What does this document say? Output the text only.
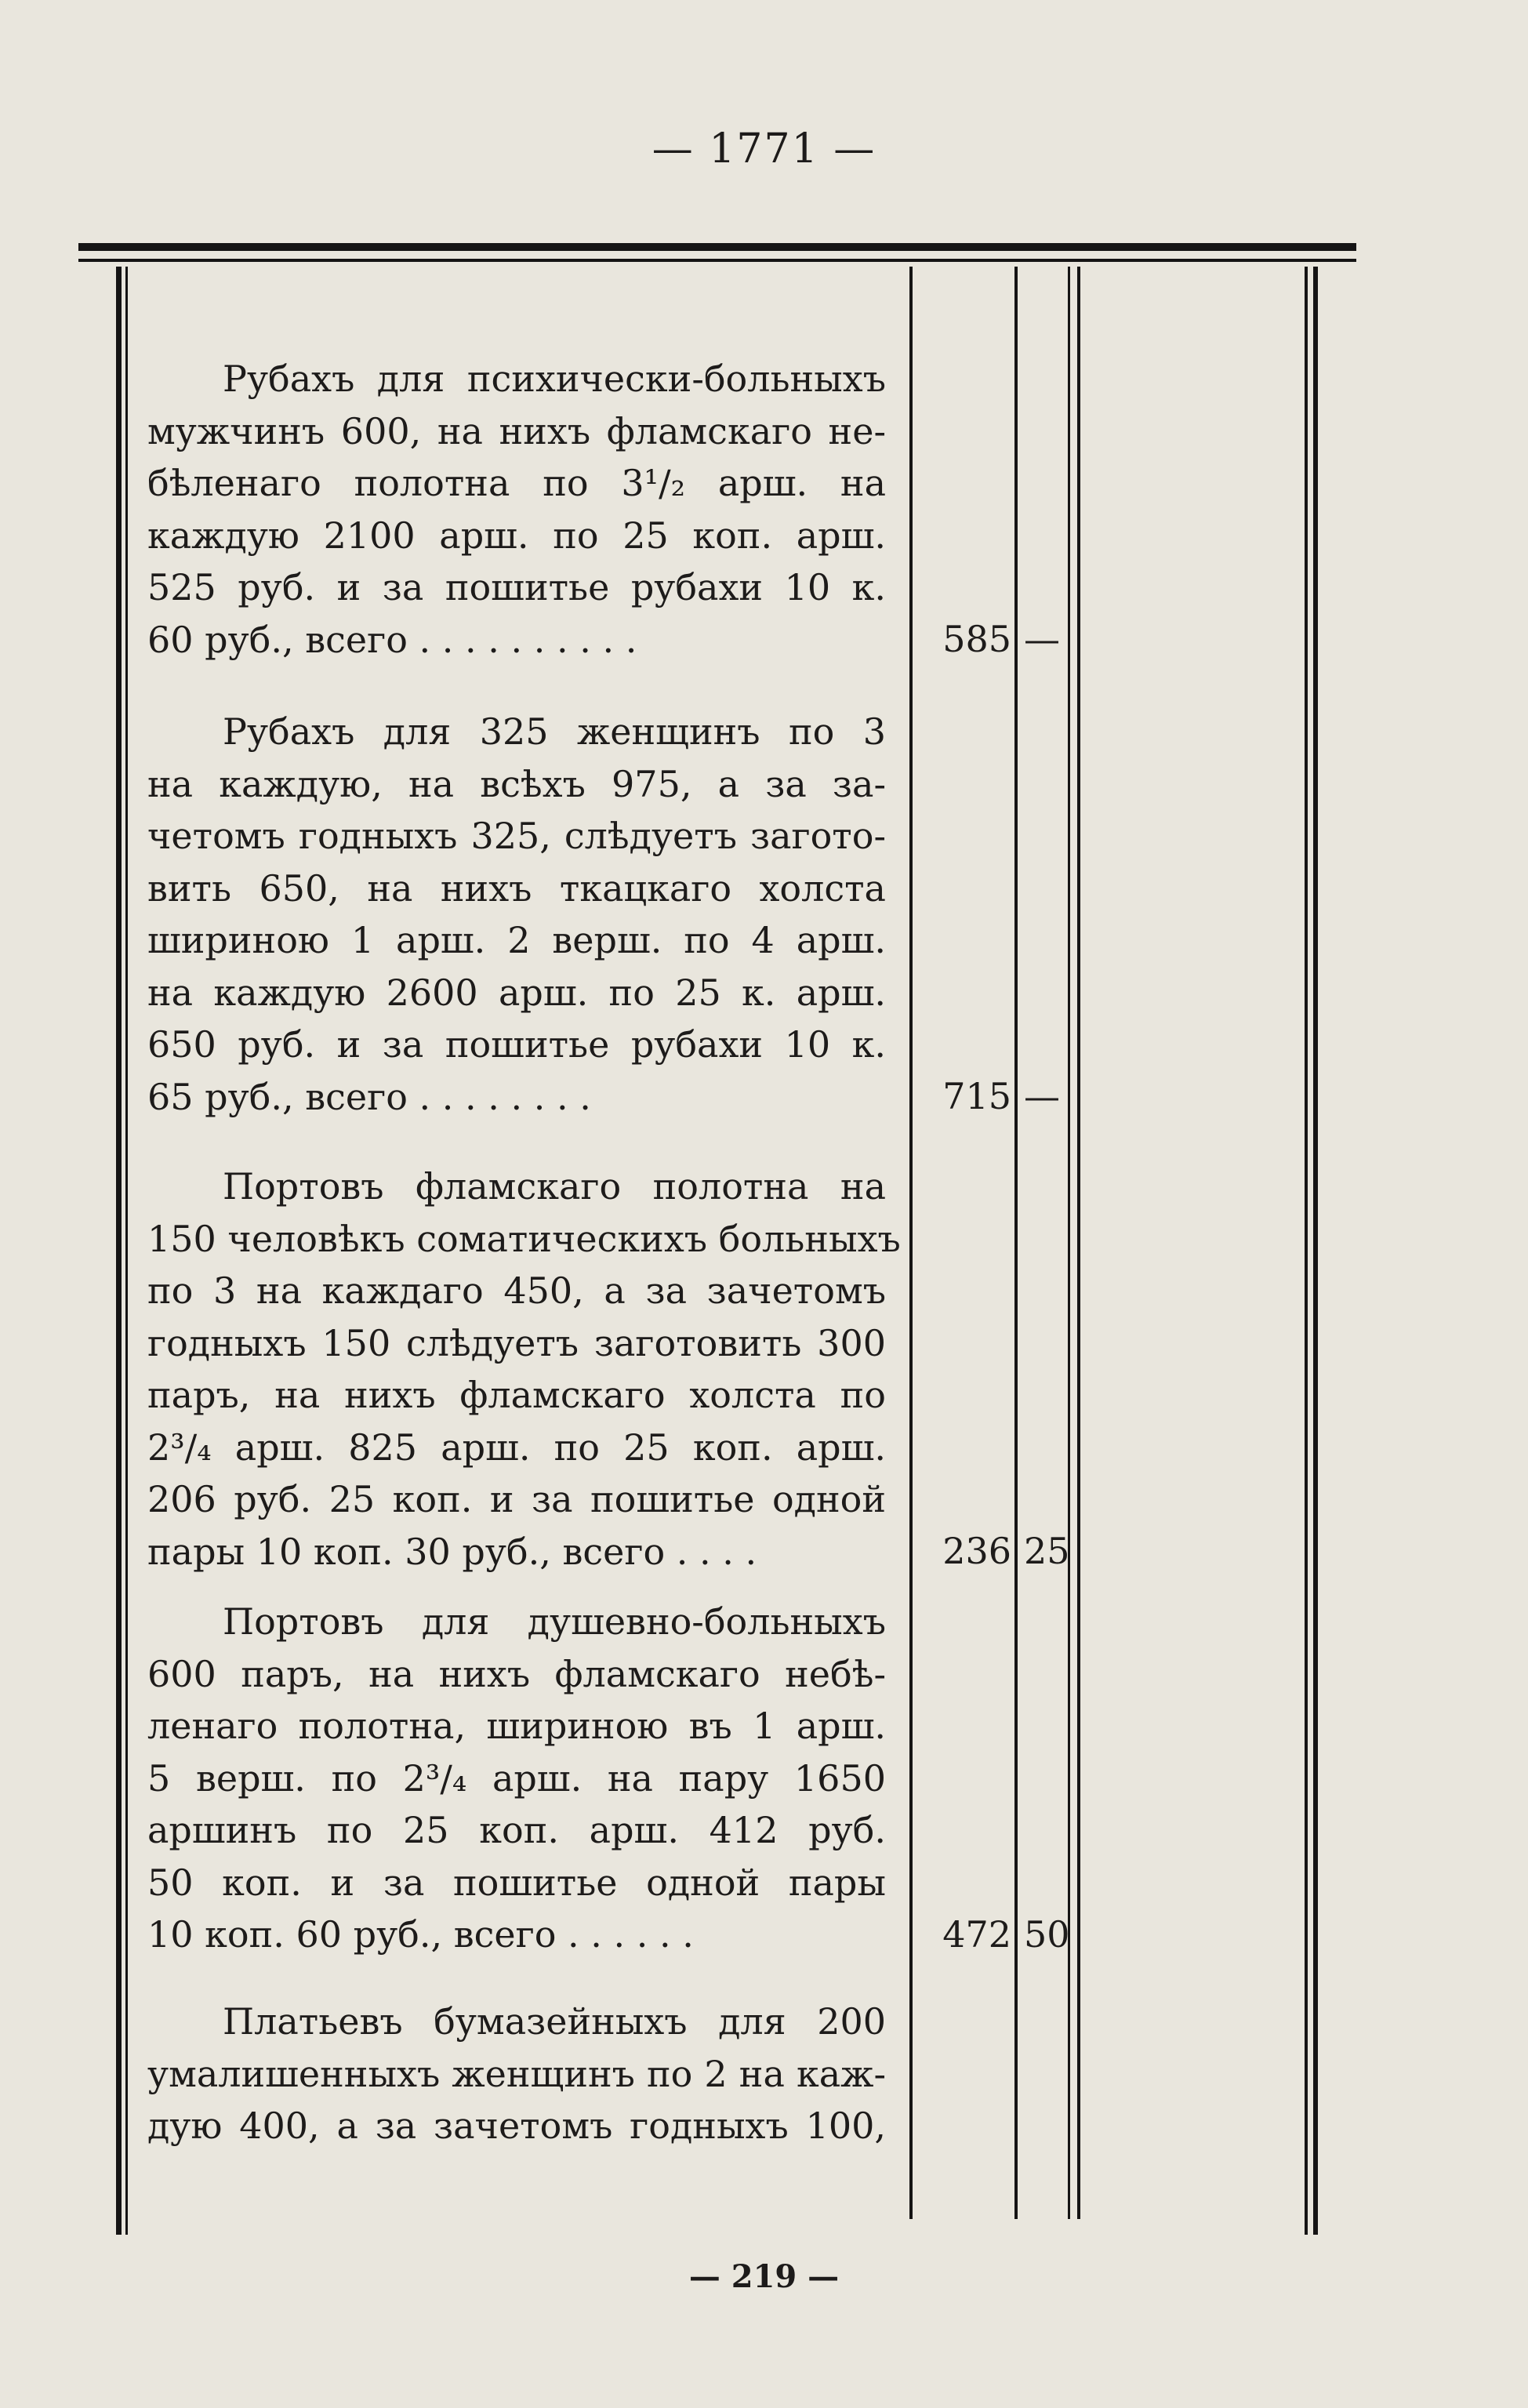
— 1771 —
Рубахъ для психически-больныхъ
мужчинъ 600, на нихъ фламскаго не-
бѣленаго полотна по 3¹/₂ арш. на
каждую 2100 арш. по 25 коп. арш.
525 руб. и за пошитье рубахи 10 к.
60 руб., всего . . . . . . . . . .	585 —
Рубахъ для 325 женщинъ по 3
на каждую, на всѣхъ 975, а за за-
четомъ годныхъ 325, слѣдуетъ загото-
вить 650, на нихъ ткацкаго холста
шириною 1 арш. 2 верш. по 4 арш.
на каждую 2600 арш. по 25 к. арш.
650 руб. и за пошитье рубахи 10 к.
65 руб., всего . . . . . . . .	715 —
Портовъ фламскаго полотна на
150 человѣкъ соматическихъ больныхъ
по 3 на каждаго 450, а за зачетомъ
годныхъ 150 слѣдуетъ заготовить 300
паръ, на нихъ фламскаго холста по
2³/₄ арш. 825 арш. по 25 коп. арш.
206 руб. 25 коп. и за пошитье одной
пары 10 коп. 30 руб., всего . . . .	236 25
Портовъ для душевно-больныхъ
600 паръ, на нихъ фламскаго небѣ-
ленаго полотна, шириною въ 1 арш.
5 верш. по 2³/₄ арш. на пару 1650
аршинъ по 25 коп. арш. 412 руб.
50 коп. и за пошитье одной пары
10 коп. 60 руб., всего . . . . . .	472 50
Платьевъ бумазейныхъ для 200
умалишенныхъ женщинъ по 2 на каж-
дую 400, а за зачетомъ годныхъ 100,
— 219 —
